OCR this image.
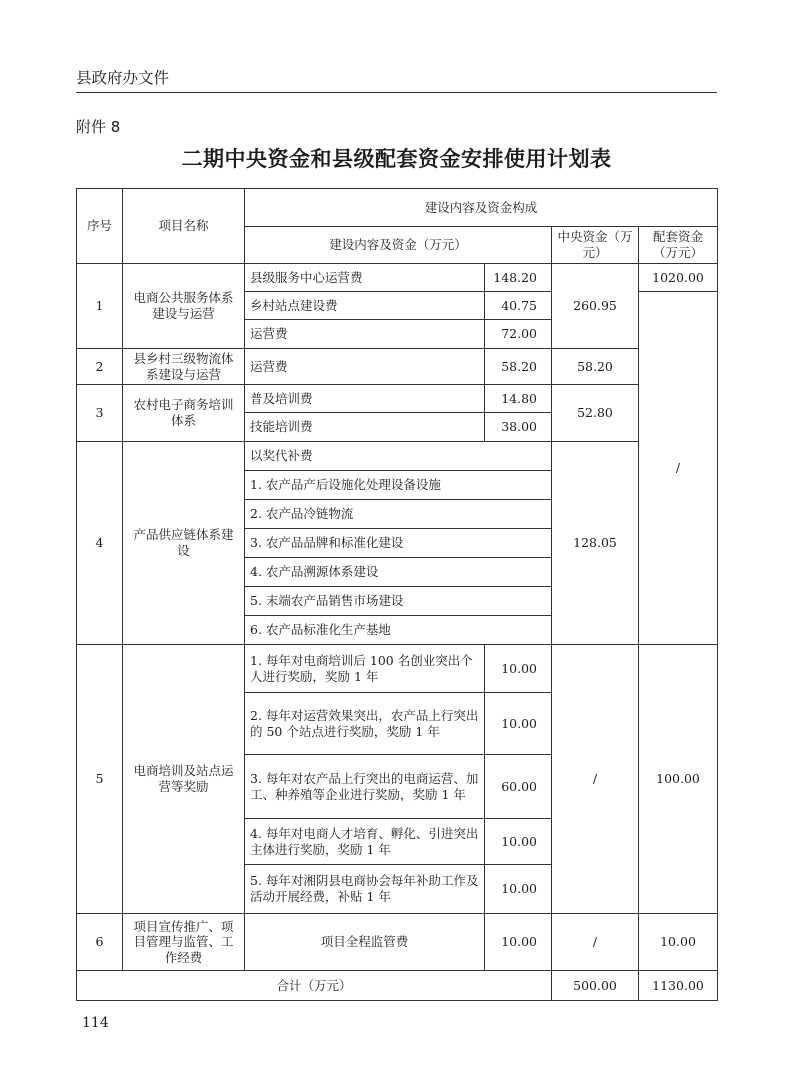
县政府办文件
附件 8
二期中央资金和县级配套资金安排使用计划表
序号	项目名称	建设内容及资金构成			
		建设内容及资金（万元）		中央资金（万元）	配套资金（万元）
1	电商公共服务体系建设与运营	县级服务中心运营费	148.20	260.95	1020.00
		乡村站点建设费	40.75		/
		运营费	72.00		
2	县乡村三级物流体系建设与运营	运营费	58.20	58.20	
3	农村电子商务培训体系	普及培训费	14.80	52.80	
		技能培训费	38.00		
4	产品供应链体系建设	以奖代补费		128.05	
		1. 农产品产后设施化处理设备设施			
		2. 农产品冷链物流			
		3. 农产品品牌和标准化建设			
		4. 农产品溯源体系建设			
		5. 末端农产品销售市场建设			
		6. 农产品标准化生产基地			
5	电商培训及站点运营等奖励	1. 每年对电商培训后 100 名创业突出个人进行奖励，奖励 1 年	10.00	/	100.00
		2. 每年对运营效果突出，农产品上行突出的 50 个站点进行奖励，奖励 1 年	10.00		
		3. 每年对农产品上行突出的电商运营、加工、种养殖等企业进行奖励，奖励 1 年	60.00		
		4. 每年对电商人才培育、孵化、引进突出主体进行奖励，奖励 1 年	10.00		
		5. 每年对湘阴县电商协会每年补助工作及活动开展经费，补贴 1 年	10.00		
6	项目宣传推广、项目管理与监管、工作经费	项目全程监管费	10.00	/	10.00
合计（万元）				500.00	1130.00
114
